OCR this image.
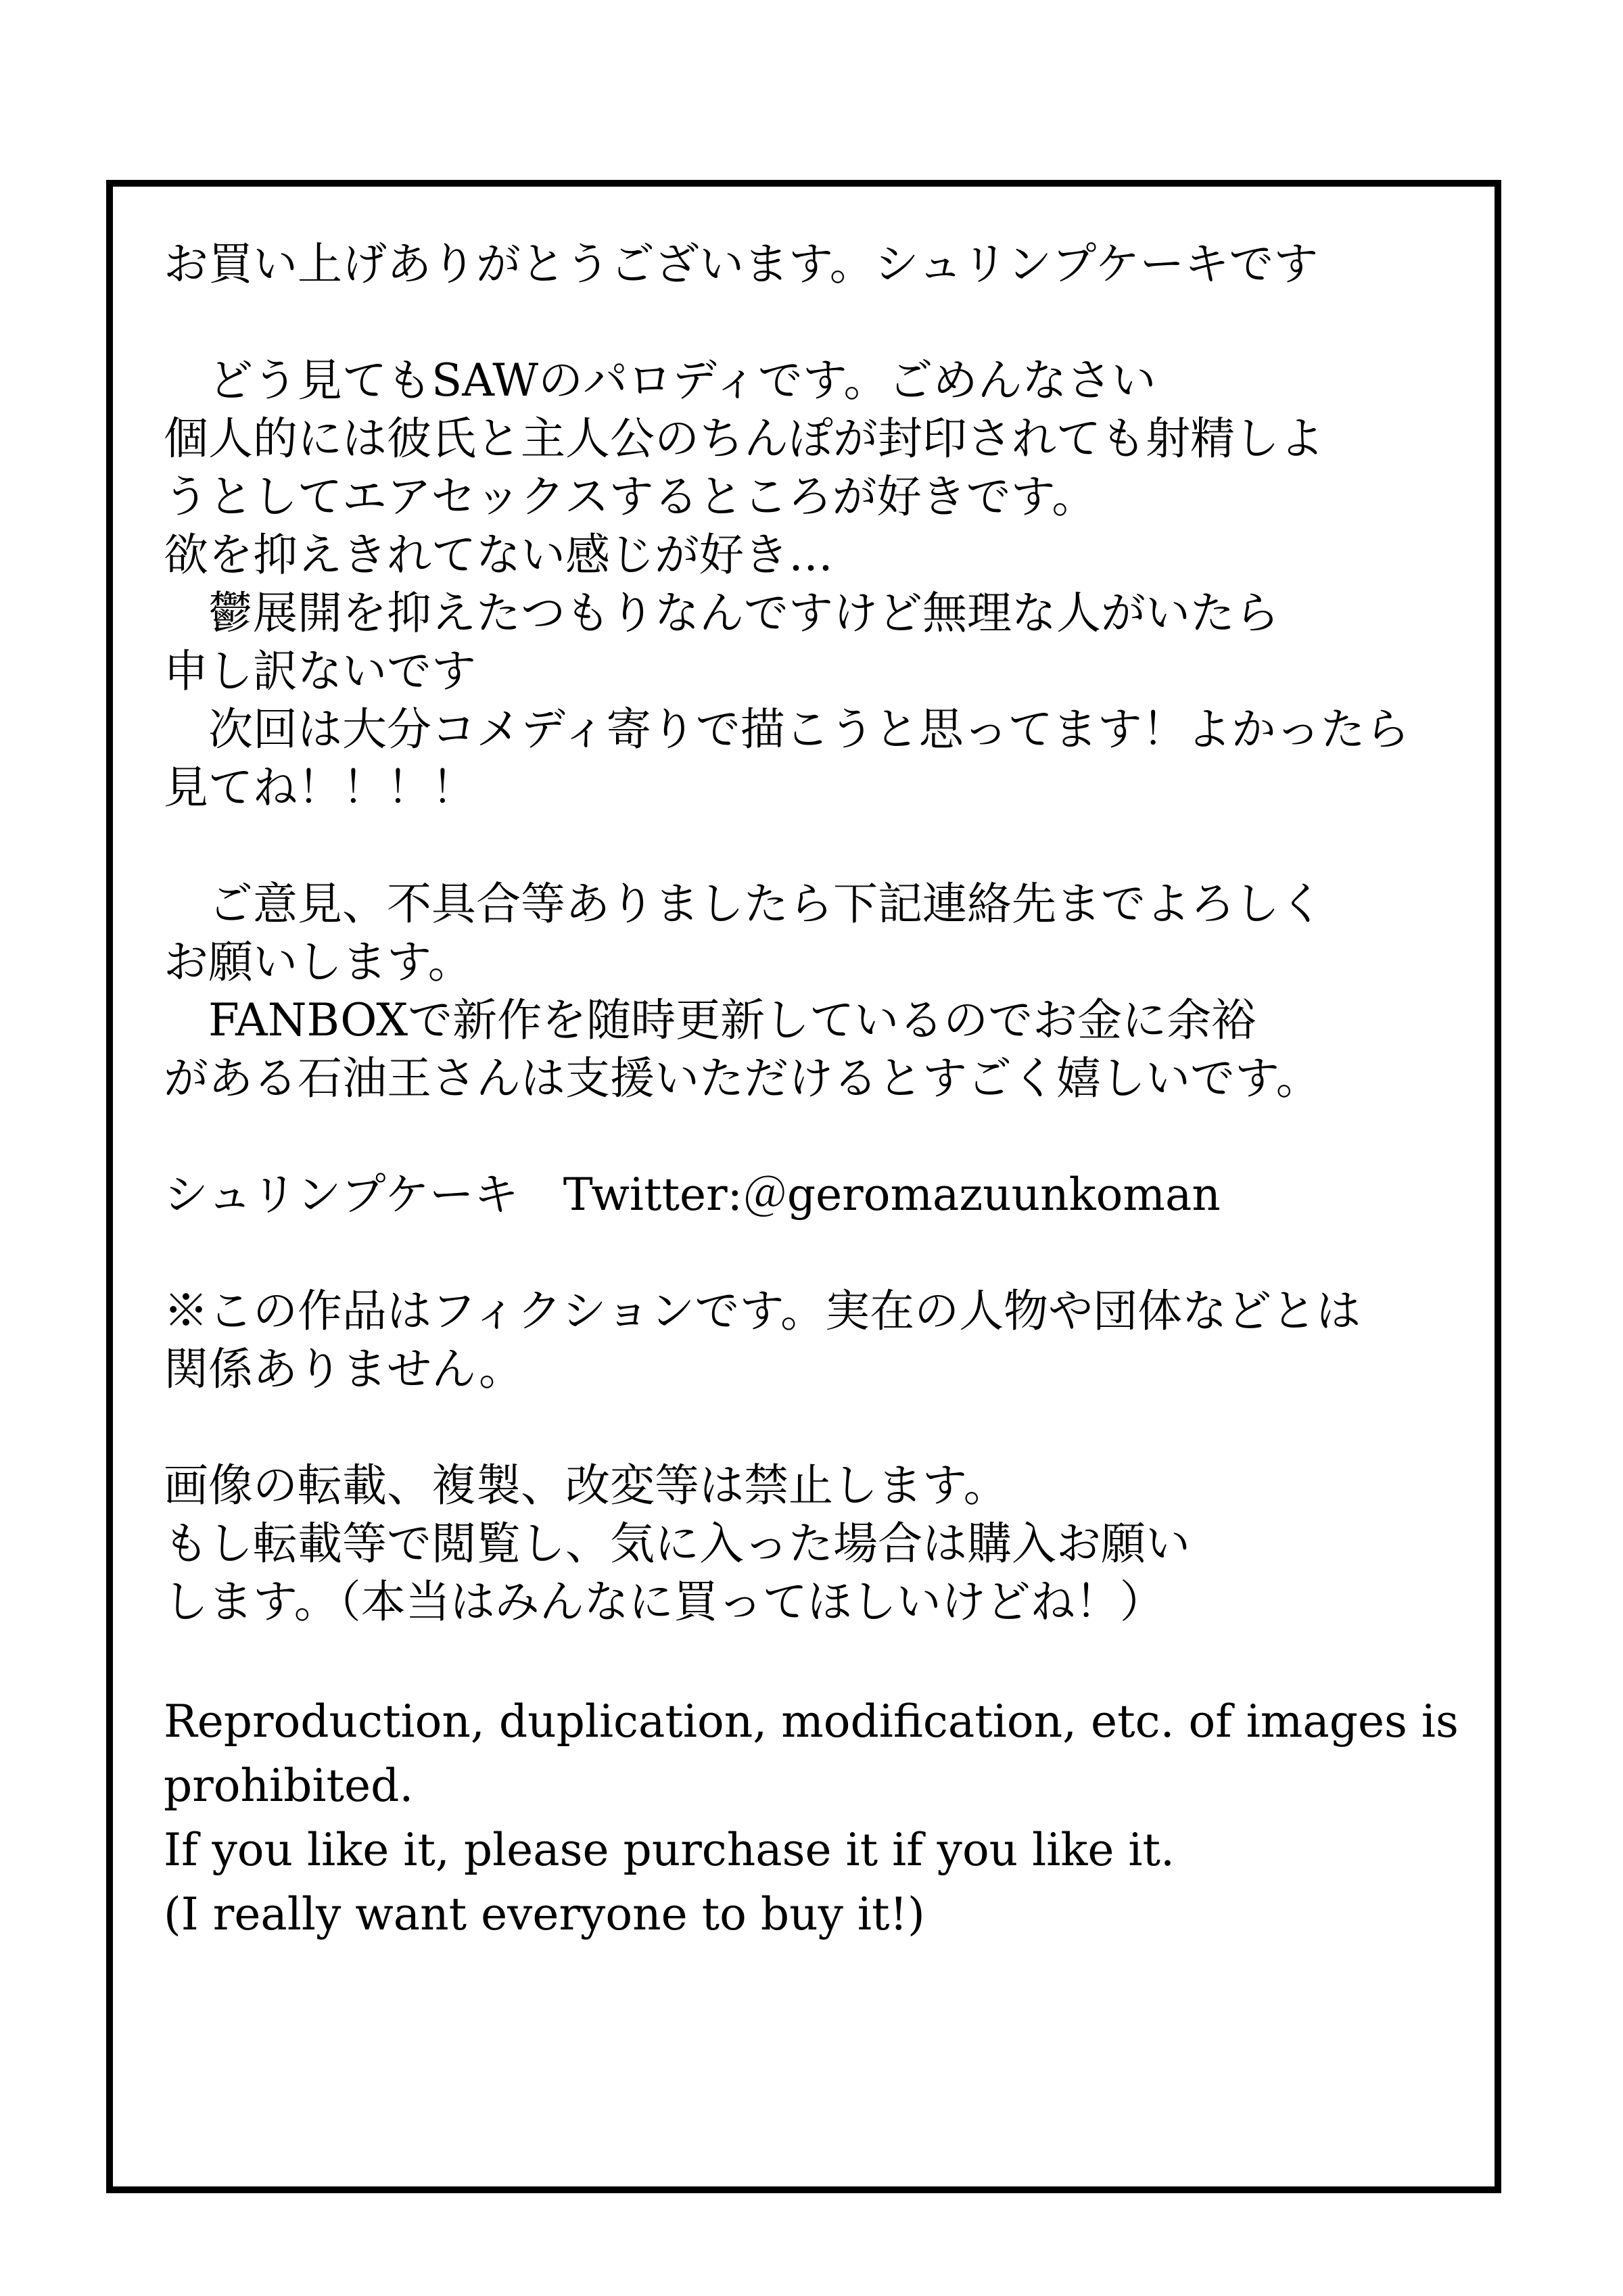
お買い上げありがとうございます。シュリンプケーキです
　どう見てもSAWのパロディです。ごめんなさい
個人的には彼氏と主人公のちんぽが封印されても射精しよ
うとしてエアセックスするところが好きです。
欲を抑えきれてない感じが好き…
　鬱展開を抑えたつもりなんですけど無理な人がいたら
申し訳ないです
　次回は大分コメディ寄りで描こうと思ってます！よかったら
見てね！！！！
　ご意見、不具合等ありましたら下記連絡先までよろしく
お願いします。
　FANBOXで新作を随時更新しているのでお金に余裕
がある石油王さんは支援いただけるとすごく嬉しいです。
シュリンプケーキ　Twitter:＠geromazuunkoman
※この作品はフィクションです。実在の人物や団体などとは
関係ありません。
画像の転載、複製、改変等は禁止します。
もし転載等で閲覧し、気に入った場合は購入お願い
します。（本当はみんなに買ってほしいけどね！）
Reproduction, duplication, modification, etc. of images is
prohibited.
If you like it, please purchase it if you like it.
(I really want everyone to buy it!)
